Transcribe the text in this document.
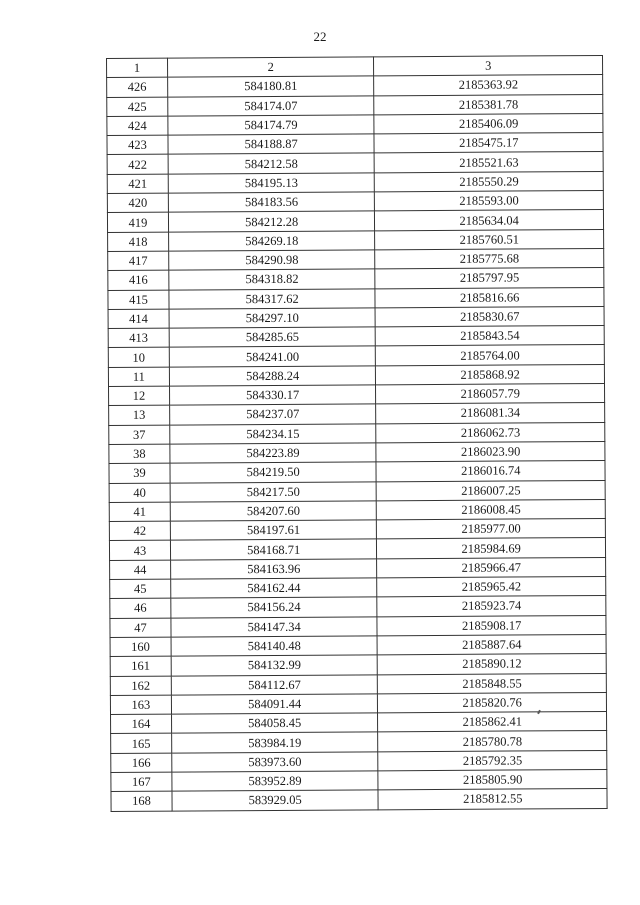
22
1	2	3
426	584180.81	2185363.92
425	584174.07	2185381.78
424	584174.79	2185406.09
423	584188.87	2185475.17
422	584212.58	2185521.63
421	584195.13	2185550.29
420	584183.56	2185593.00
419	584212.28	2185634.04
418	584269.18	2185760.51
417	584290.98	2185775.68
416	584318.82	2185797.95
415	584317.62	2185816.66
414	584297.10	2185830.67
413	584285.65	2185843.54
10	584241.00	2185764.00
11	584288.24	2185868.92
12	584330.17	2186057.79
13	584237.07	2186081.34
37	584234.15	2186062.73
38	584223.89	2186023.90
39	584219.50	2186016.74
40	584217.50	2186007.25
41	584207.60	2186008.45
42	584197.61	2185977.00
43	584168.71	2185984.69
44	584163.96	2185966.47
45	584162.44	2185965.42
46	584156.24	2185923.74
47	584147.34	2185908.17
160	584140.48	2185887.64
161	584132.99	2185890.12
162	584112.67	2185848.55
163	584091.44	2185820.76
164	584058.45	2185862.41
165	583984.19	2185780.78
166	583973.60	2185792.35
167	583952.89	2185805.90
168	583929.05	2185812.55
